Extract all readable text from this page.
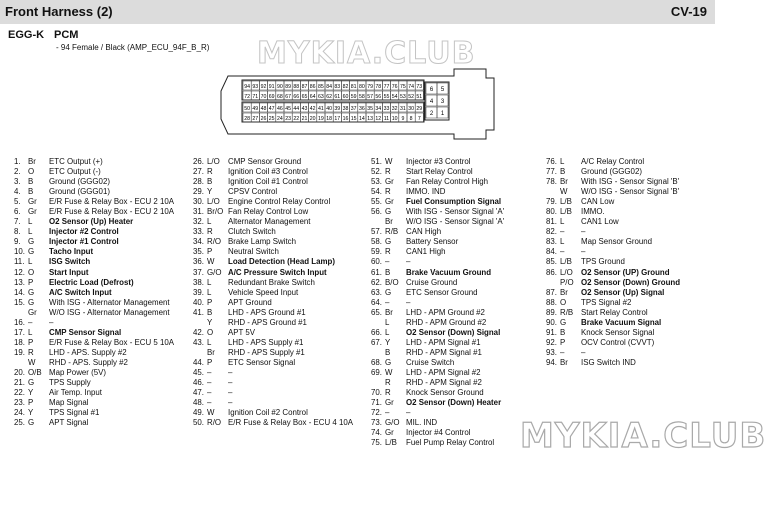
Front Harness (2)	CV-19
EGG-K PCM
- 94 Female / Black (AMP_ECU_94F_B_R) MYKIA.CLUB
94 93 92 91 90 89 88 87 86 85 84 83 82 81 80 79 78 77 76 75 74 73
72 71 70 69 68 67 66 65 64 63 62 61 60 59 58 57 56 55 54 53 52 51
50 49 48 47 46 45 44 43 42 41 40 39 38 37 36 35 34 33 32 31 30 29
28 27 26 25 24 23 22 21 20 19 18 17 16 15 14 13 12 11 10 9 8 7
6 5
4 3
2 1
1. Br ETC Output (+)
2. O ETC Output (-)
3. B Ground (GGG02)
4. B Ground (GGG01)
5. Gr E/R Fuse & Relay Box - ECU 2 10A
6. Gr E/R Fuse & Relay Box - ECU 2 10A
7. L O2 Sensor (Up) Heater
8. L Injector #2 Control
9. G Injector #1 Control
10. G Tacho Input
11. L ISG Switch
12. O Start Input
13. P Electric Load (Defrost)
14. G A/C Switch Input
15. G With ISG - Alternator Management
Gr W/O ISG - Alternator Management
16. – –
17. L CMP Sensor Signal
18. P E/R Fuse & Relay Box - ECU 5 10A
19. R LHD - APS. Supply #2
W RHD - APS. Supply #2
20. O/B Map Power (5V)
21. G TPS Supply
22. Y Air Temp. Input
23. P Map Signal
24. Y TPS Signal #1
25. G APT Signal
26. L/O CMP Sensor Ground
27. R Ignition Coil #3 Control
28. B Ignition Coil #1 Control
29. Y CPSV Control
30. L/O Engine Control Relay Control
31. Br/O Fan Relay Control Low
32. L Alternator Management
33. R Clutch Switch
34. R/O Brake Lamp Switch
35. P Neutral Switch
36. W Load Detection (Head Lamp)
37. G/O A/C Pressure Switch Input
38. L Redundant Brake Switch
39. L Vehicle Speed Input
40. P APT Ground
41. B LHD - APS Ground #1
Y RHD - APS Ground #1
42. O APT 5V
43. L LHD - APS Supply #1
Br RHD - APS Supply #1
44. P ETC Sensor Signal
45. – –
46. – –
47. – –
48. – –
49. W Ignition Coil #2 Control
50. R/O E/R Fuse & Relay Box - ECU 4 10A
51. W Injector #3 Control
52. R Start Relay Control
53. Gr Fan Relay Control High
54. R IMMO. IND
55. Gr Fuel Consumption Signal
56. G With ISG - Sensor Signal 'A'
Br W/O ISG - Sensor Signal 'A'
57. R/B CAN High
58. G Battery Sensor
59. R CAN1 High
60. – –
61. B Brake Vacuum Ground
62. B/O Cruise Ground
63. G ETC Sensor Ground
64. – –
65. Br LHD - APM Ground #2
L RHD - APM Ground #2
66. L O2 Sensor (Down) Signal
67. Y LHD - APM Signal #1
B RHD - APM Signal #1
68. G Cruise Switch
69. W LHD - APM Signal #2
R RHD - APM Signal #2
70. R Knock Sensor Ground
71. Gr O2 Sensor (Down) Heater
72. – –
73. G/O MIL. IND
74. Gr Injector #4 Control
75. L/B Fuel Pump Relay Control
76. L A/C Relay Control
77. B Ground (GGG02)
78. Br With ISG - Sensor Signal 'B'
W W/O ISG - Sensor Signal 'B'
79. L/B CAN Low
80. L/B IMMO.
81. L CAN1 Low
82. – –
83. L Map Sensor Ground
84. – –
85. L/B TPS Ground
86. L/O O2 Sensor (UP) Ground
P/O O2 Sensor (Down) Ground
87. Br O2 Sensor (Up) Signal
88. O TPS Signal #2
89. R/B Start Relay Control
90. G Brake Vacuum Signal
91. B Knock Sensor Signal
92. P OCV Control (CVVT)
93. – –
94. Br ISG Switch IND
MYKIA.CLUB
